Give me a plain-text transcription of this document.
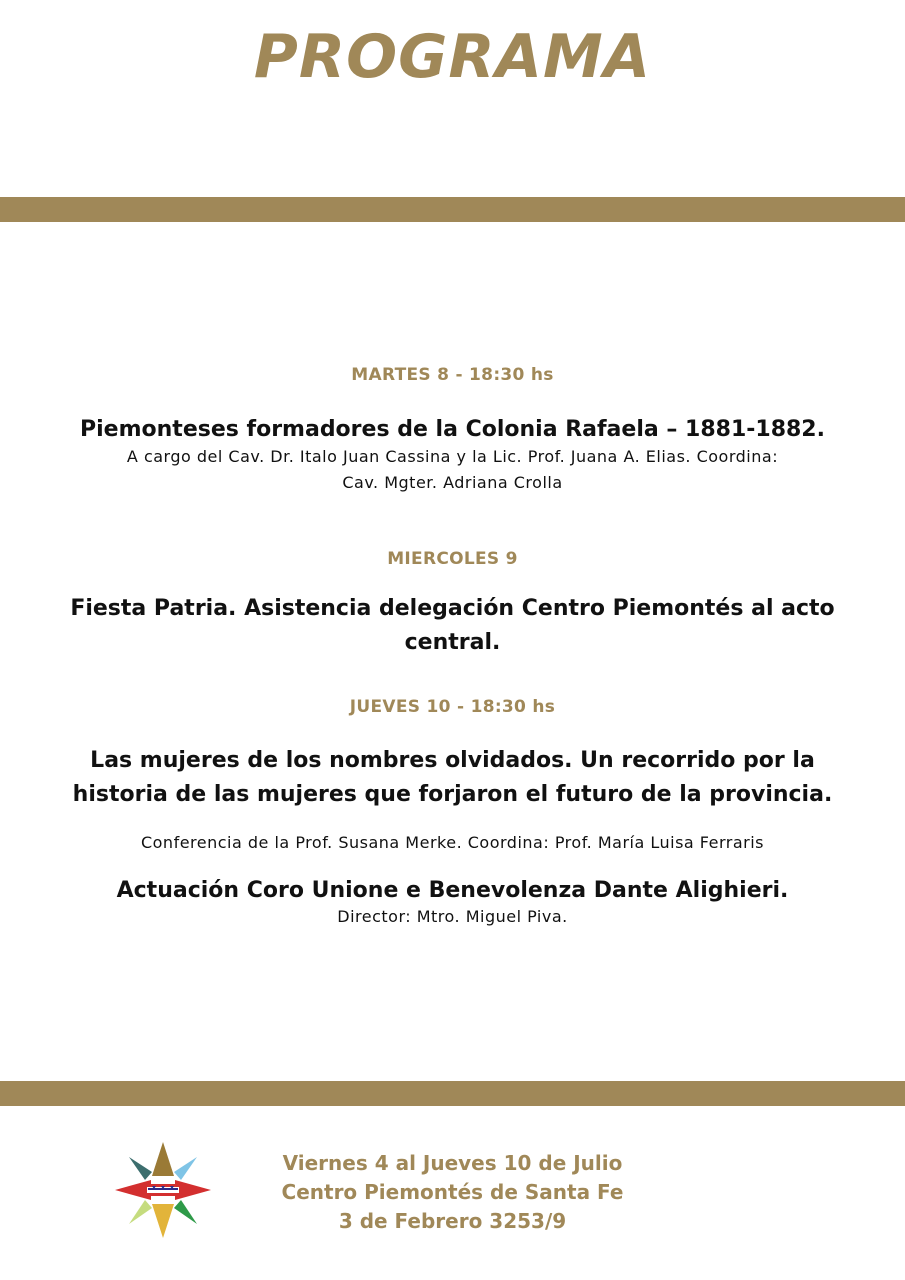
PROGRAMA
MARTES 8 - 18:30 hs
Piemonteses formadores de la Colonia Rafaela – 1881-1882.
A cargo del Cav. Dr. Italo Juan Cassina y la Lic. Prof. Juana A. Elias. Coordina:
Cav. Mgter. Adriana Crolla
MIERCOLES 9
Fiesta Patria. Asistencia delegación Centro Piemontés al acto
central.
JUEVES 10 - 18:30 hs
Las mujeres de los nombres olvidados. Un recorrido por la
historia de las mujeres que forjaron el futuro de la provincia.
Conferencia de la Prof. Susana Merke. Coordina: Prof. María Luisa Ferraris
Actuación Coro Unione e Benevolenza Dante Alighieri.
Director: Mtro. Miguel Piva.
Viernes 4 al Jueves 10 de Julio
Centro Piemontés de Santa Fe
3 de Febrero 3253/9
